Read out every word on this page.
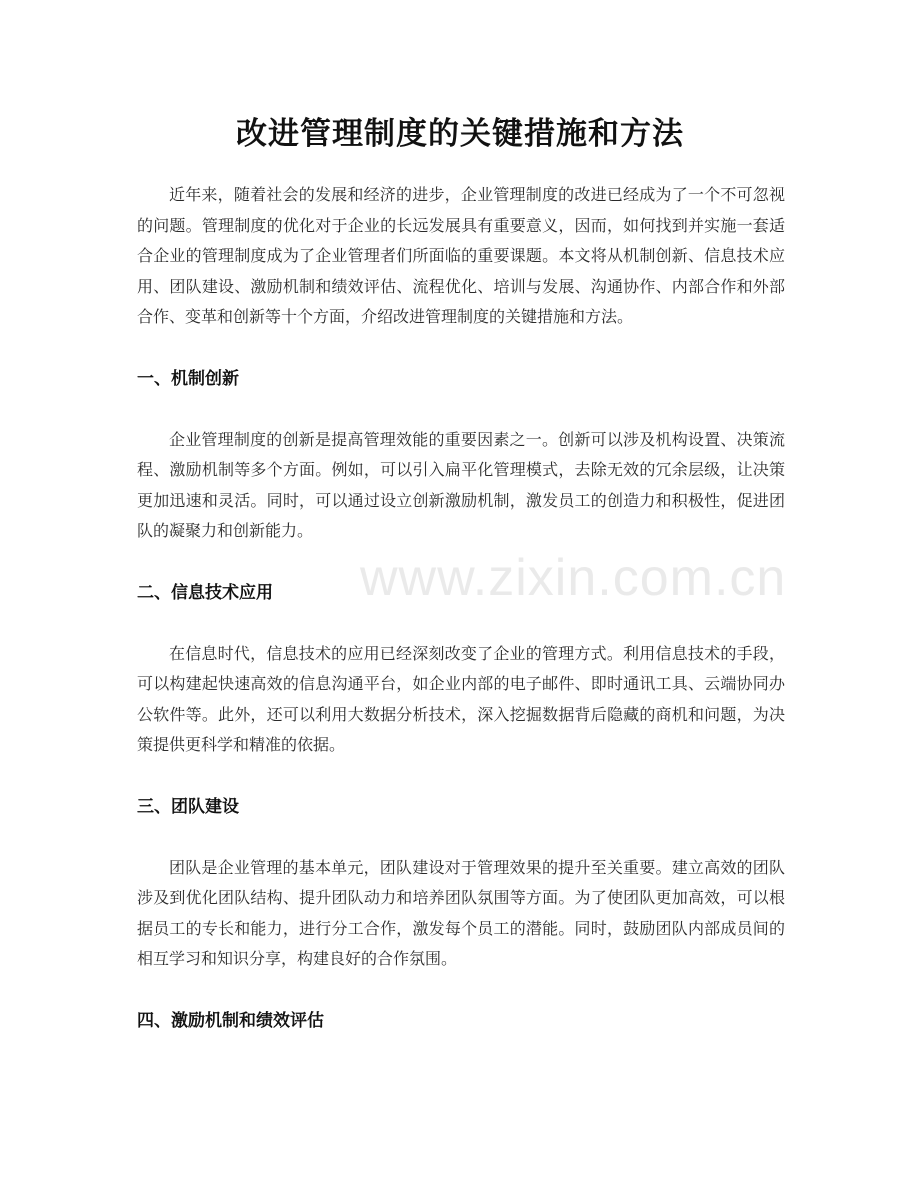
改进管理制度的关键措施和方法

近年来，随着社会的发展和经济的进步，企业管理制度的改进已经成为了一个不可忽视的问题。管理制度的优化对于企业的长远发展具有重要意义，因而，如何找到并实施一套适合企业的管理制度成为了企业管理者们所面临的重要课题。本文将从机制创新、信息技术应用、团队建设、激励机制和绩效评估、流程优化、培训与发展、沟通协作、内部合作和外部合作、变革和创新等十个方面，介绍改进管理制度的关键措施和方法。

一、机制创新

企业管理制度的创新是提高管理效能的重要因素之一。创新可以涉及机构设置、决策流程、激励机制等多个方面。例如，可以引入扁平化管理模式，去除无效的冗余层级，让决策更加迅速和灵活。同时，可以通过设立创新激励机制，激发员工的创造力和积极性，促进团队的凝聚力和创新能力。

二、信息技术应用

在信息时代，信息技术的应用已经深刻改变了企业的管理方式。利用信息技术的手段，可以构建起快速高效的信息沟通平台，如企业内部的电子邮件、即时通讯工具、云端协同办公软件等。此外，还可以利用大数据分析技术，深入挖掘数据背后隐藏的商机和问题，为决策提供更科学和精准的依据。

三、团队建设

团队是企业管理的基本单元，团队建设对于管理效果的提升至关重要。建立高效的团队涉及到优化团队结构、提升团队动力和培养团队氛围等方面。为了使团队更加高效，可以根据员工的专长和能力，进行分工合作，激发每个员工的潜能。同时，鼓励团队内部成员间的相互学习和知识分享，构建良好的合作氛围。

四、激励机制和绩效评估
www.zixin.com.cn
